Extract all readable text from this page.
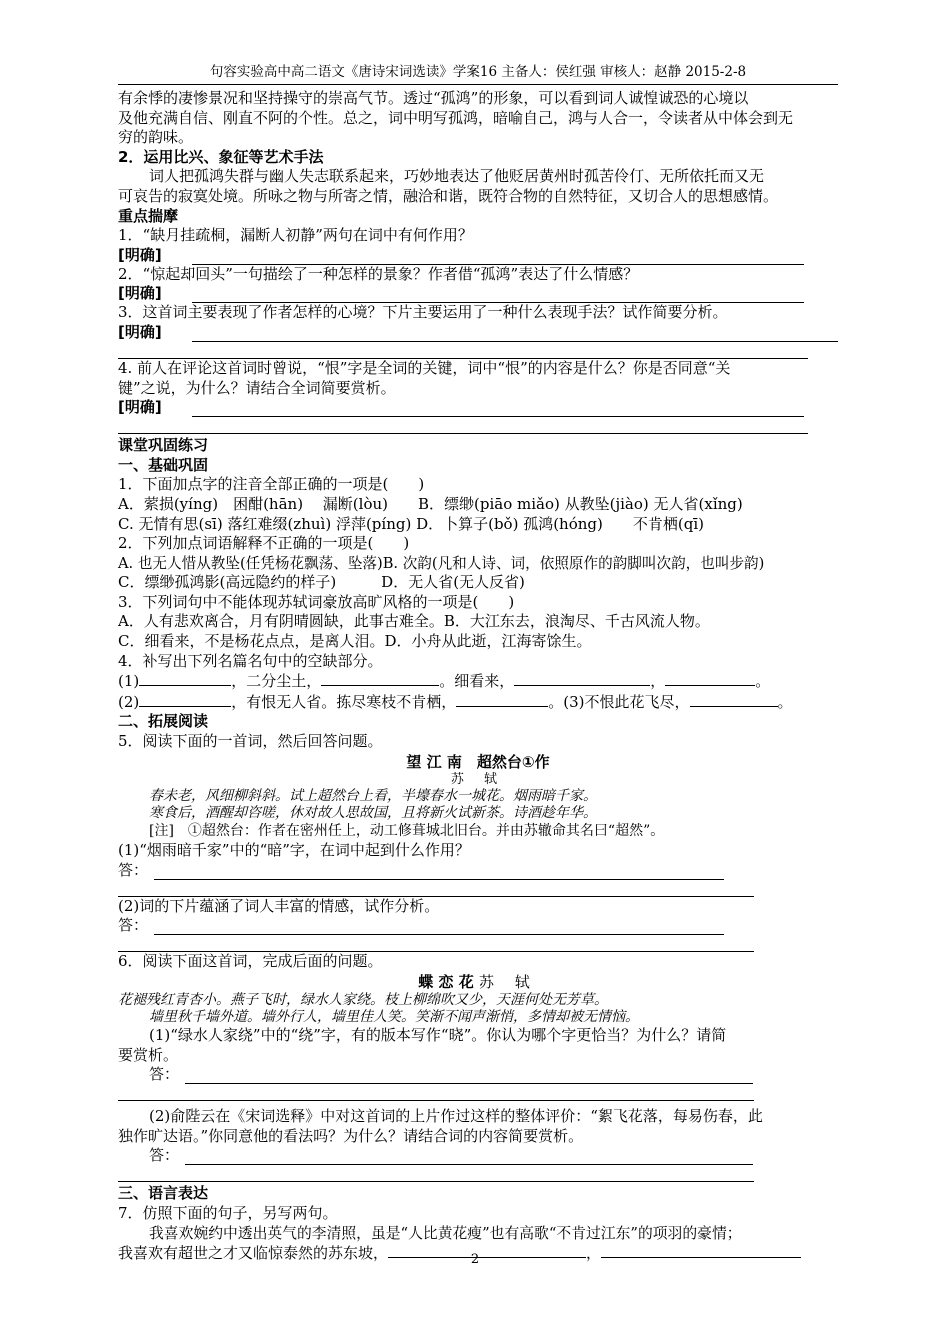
句容实验高中高二语文《唐诗宋词选读》学案16 主备人：侯红强 审核人：赵静 2015-2-8
有余悸的凄惨景况和坚持操守的崇高气节。透过“孤鸿”的形象，可以看到词人诚惶诚恐的心境以
及他充满自信、刚直不阿的个性。总之，词中明写孤鸿，暗喻自己，鸿与人合一，令读者从中体会到无
穷的韵味。
2．运用比兴、象征等艺术手法
词人把孤鸿失群与幽人失志联系起来，巧妙地表达了他贬居黄州时孤苦伶仃、无所依托而又无
可哀告的寂寞处境。所咏之物与所寄之情，融洽和谐，既符合物的自然特征，又切合人的思想感情。
重点揣摩
1．“缺月挂疏桐，漏断人初静”两句在词中有何作用？
[明确]
2．“惊起却回头”一句描绘了一种怎样的景象？作者借“孤鸿”表达了什么情感？
[明确]
3．这首词主要表现了作者怎样的心境？下片主要运用了一种什么表现手法？试作简要分析。
[明确]
4. 前人在评论这首词时曾说，“恨”字是全词的关键，词中“恨”的内容是什么？你是否同意“关
键”之说，为什么？请结合全词简要赏析。
[明确]
课堂巩固练习
一、基础巩固
1．下面加点字的注音全部正确的一项是(　　)
A．萦损(yíng)　困酣(hān)　 漏断(lòu)　　B．缥缈(piāo miǎo) 从教坠(jiào) 无人省(xǐng)
C. 无情有思(sī) 落红难缀(zhuì) 浮萍(píng) D．卜算子(bǒ) 孤鸿(hóng)　　不肯栖(qī)
2．下列加点词语解释不正确的一项是(　　)
A. 也无人惜从教坠(任凭杨花飘荡、坠落)B. 次韵(凡和人诗、词，依照原作的韵脚叫次韵，也叫步韵)
C．缥缈孤鸿影(高远隐约的样子)　　　D．无人省(无人反省)
3．下列词句中不能体现苏轼词豪放高旷风格的一项是(　　)
A．人有悲欢离合，月有阴晴圆缺，此事古难全。B．大江东去，浪淘尽、千古风流人物。
C．细看来，不是杨花点点，是离人泪。D．小舟从此逝，江海寄馀生。
4．补写出下列名篇名句中的空缺部分。
(1)	，二分尘土，	。细看来，	，	。
(2)	，有恨无人省。拣尽寒枝不肯栖，	。(3)不恨此花飞尽，	。
二、拓展阅读
5．阅读下面的一首词，然后回答问题。
望 江 南　超然台①作
苏 轼
春未老，风细柳斜斜。试上超然台上看，半壕春水一城花。烟雨暗千家。
寒食后，酒醒却咨嗟，休对故人思故国，且将新火试新茶。诗酒趁年华。
[注]　①超然台：作者在密州任上，动工修葺城北旧台。并由苏辙命其名曰“超然”。
(1)“烟雨暗千家”中的“暗”字，在词中起到什么作用？
答：
(2)词的下片蕴涵了词人丰富的情感，试作分析。
答：
6．阅读下面这首词，完成后面的问题。
蝶 恋 花 苏 轼
花褪残红青杏小。燕子飞时，绿水人家绕。枝上柳绵吹又少，天涯何处无芳草。
墙里秋千墙外道。墙外行人，墙里佳人笑。笑渐不闻声渐悄，多情却被无情恼。
(1)“绿水人家绕”中的“绕”字，有的版本写作“晓”。你认为哪个字更恰当？为什么？请简
要赏析。
答：
(2)俞陛云在《宋词选释》中对这首词的上片作过这样的整体评价：“絮飞花落，每易伤春，此
独作旷达语。”你同意他的看法吗？为什么？请结合词的内容简要赏析。
答：
三、语言表达
7．仿照下面的句子，另写两句。
我喜欢婉约中透出英气的李清照，虽是“人比黄花瘦”也有高歌“不肯过江东”的项羽的豪情；
我喜欢有超世之才又临惊泰然的苏东坡，	，
2
